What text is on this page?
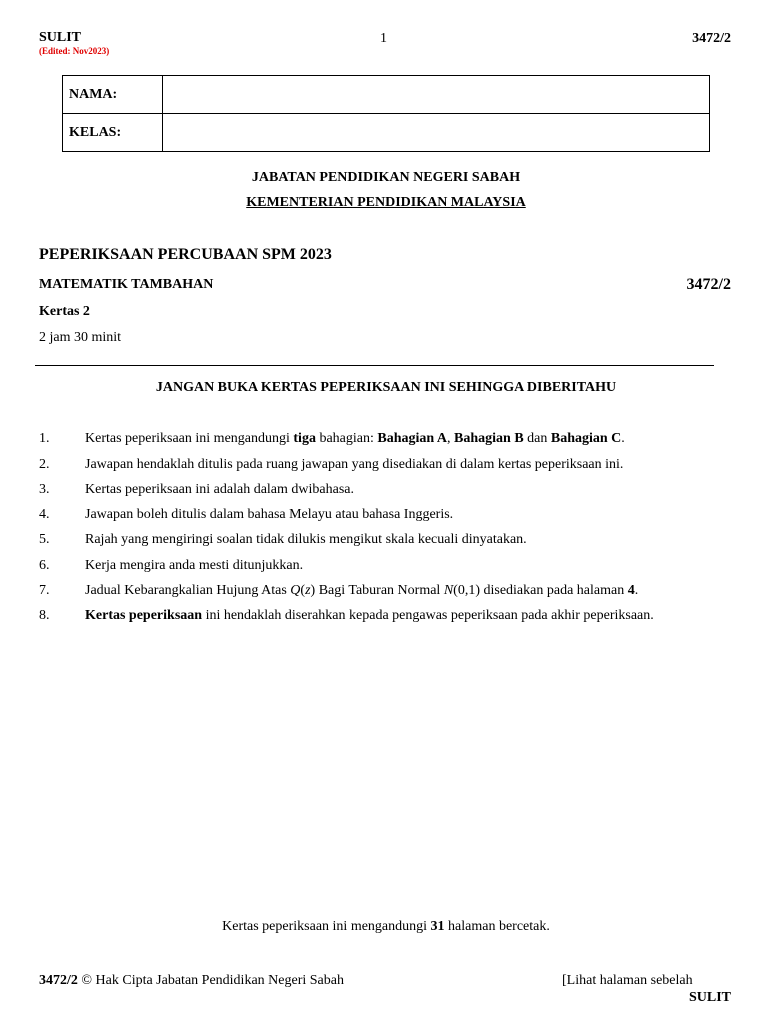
SULIT
(Edited: Nov2023)
1	3472/2
NAMA:	
KELAS:	
JABATAN PENDIDIKAN NEGERI SABAH
KEMENTERIAN PENDIDIKAN MALAYSIA
PEPERIKSAAN PERCUBAAN SPM 2023
MATEMATIK TAMBAHAN	3472/2
Kertas 2
2 jam 30 minit
JANGAN BUKA KERTAS PEPERIKSAAN INI SEHINGGA DIBERITAHU
1.	Kertas peperiksaan ini mengandungi tiga bahagian: Bahagian A, Bahagian B dan Bahagian C.
2.	Jawapan hendaklah ditulis pada ruang jawapan yang disediakan di dalam kertas peperiksaan ini.
3.	Kertas peperiksaan ini adalah dalam dwibahasa.
4.	Jawapan boleh ditulis dalam bahasa Melayu atau bahasa Inggeris.
5.	Rajah yang mengiringi soalan tidak dilukis mengikut skala kecuali dinyatakan.
6.	Kerja mengira anda mesti ditunjukkan.
7.	Jadual Kebarangkalian Hujung Atas Q(z) Bagi Taburan Normal N(0,1) disediakan pada halaman 4.
8.	Kertas peperiksaan ini hendaklah diserahkan kepada pengawas peperiksaan pada akhir peperiksaan.
Kertas peperiksaan ini mengandungi 31 halaman bercetak.
3472/2 © Hak Cipta Jabatan Pendidikan Negeri Sabah	[Lihat halaman sebelah
SULIT
